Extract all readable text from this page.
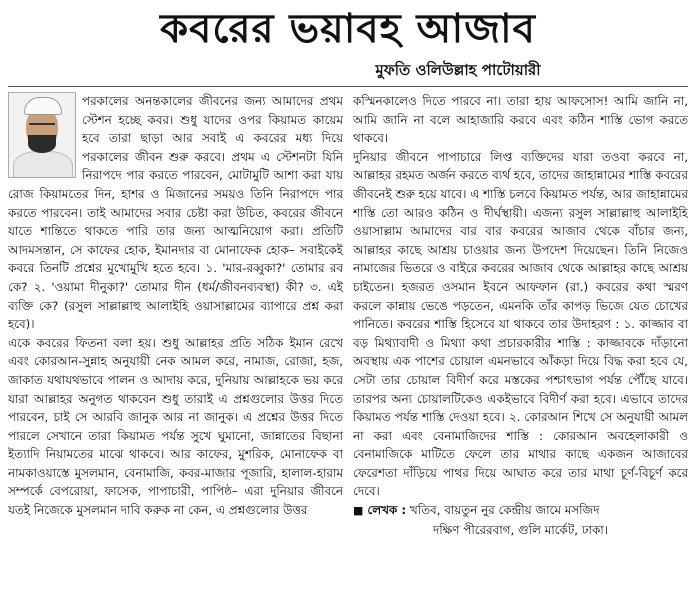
কবরের ভয়াবহ আজাব
মুফতি ওলিউল্লাহ পাটোয়ারী

পরকালের অনন্তকালের জীবনের জন্য আমাদের প্রথম স্টেশন হচ্ছে কবর। শুধু যাদের ওপর কিয়ামত কায়েম হবে তারা ছাড়া আর সবাই এ কবরের মধ্য দিয়ে পরকালের জীবন শুরু করবে। প্রথম এ স্টেশনটা যিনি নিরাপদে পার করতে পারবেন, মোটামুটি আশা করা যায় রোজ কিয়ামতের দিন, হাশর ও মিজানের সময়ও তিনি নিরাপদে পার করতে পারবেন। তাই আমাদের সবার চেষ্টা করা উচিত, কবরের জীবনে যাতে শান্তিতে থাকতে পারি তার জন্য আত্মনিয়োগ করা। প্রতিটি আদমসন্তান, সে কাফের হোক, ইমানদার বা মোনাফেক হোক– সবাইকেই কবরে তিনটি প্রশ্নের মুখোমুখি হতে হবে। ১. 'মার-রব্বুকা?' তোমার রব কে? ২. 'ওয়ামা দীনুকা?' তোমার দীন (ধর্ম/জীবনব্যবস্থা) কী? ৩. এই ব্যক্তি কে? (রসুল সাল্লাল্লাহু আলাইহি ওয়াসাল্লামের ব্যাপারে প্রশ্ন করা হবে)।

একে কবরের ফিতনা বলা হয়। শুধু আল্লাহর প্রতি সঠিক ইমান রেখে এবং কোরআন-সুন্নাহ অনুযায়ী নেক আমল করে, নামাজ, রোজা, হজ, জাকাত যথাযথভাবে পালন ও আদায় করে, দুনিয়ায় আল্লাহকে ভয় করে যারা আল্লাহর অনুগত থাকবেন শুধু তারাই এ প্রশ্নগুলোর উত্তর দিতে পারবেন, চাই সে আরবি জানুক আর না জানুক। এ প্রশ্নের উত্তর দিতে পারলে সেখানে তারা কিয়ামত পর্যন্ত সুখে ঘুমানো, জান্নাতের বিছানা ইত্যাদি নিয়ামতের মাঝে থাকবে। আর কাফের, মুশরিক, মোনাফেক বা নামকাওয়াস্তে মুসলমান, বেনামাজি, কবর-মাজার পূজারি, হালাল-হারাম সম্পর্কে বেপরোয়া, ফাসেক, পাপাচারী, পাপিষ্ঠ– এরা দুনিয়ার জীবনে যতই নিজেকে মুসলমান দাবি করুক না কেন, এ প্রশ্নগুলোর উত্তর

কস্মিনকালেও দিতে পারবে না। তারা হায় আফসোস! আমি জানি না, আমি জানি না বলে আহাজারি করবে এবং কঠিন শাস্তি ভোগ করতে থাকবে।

দুনিয়ার জীবনে পাপাচারে লিপ্ত ব্যক্তিদের যারা তওবা করবে না, আল্লাহর রহমত অর্জন করতে ব্যর্থ হবে, তাদের জাহান্নামের শাস্তি কবরের জীবনেই শুরু হয়ে যাবে। এ শাস্তি চলবে কিয়ামত পর্যন্ত, আর জাহান্নামের শাস্তি তো আরও কঠিন ও দীর্ঘস্থায়ী। এজন্য রসুল সাল্লাল্লাহু আলাইহি ওয়াসাল্লাম আমাদের বার বার কবরের আজাব থেকে বাঁচার জন্য, আল্লাহর কাছে আশ্রয় চাওয়ার জন্য উপদেশ দিয়েছেন। তিনি নিজেও নামাজের ভিতরে ও বাইরে কবরের আজাব থেকে আল্লাহর কাছে আশ্রয় চাইতেন। হজরত ওসমান ইবনে আফফান (রা.) কবরের কথা স্মরণ করলে কান্নায় ভেঙে পড়তেন, এমনকি তাঁর কাপড় ভিজে যেত চোখের পানিতে। কবরের শাস্তি হিসেবে যা থাকবে তার উদাহরণ : ১. কাজ্জাব বা বড় মিথ্যাবাদী ও মিথ্যা কথা প্রচারকারীর শাস্তি : কাজ্জাবকে দাঁড়ানো অবস্থায় এক পাশের চোয়াল এমনভাবে আঁকড়া দিয়ে বিদ্ধ করা হবে যে, সেটা তার চোয়াল বিদীর্ণ করে মস্তকের পশ্চাৎভাগ পর্যন্ত পৌঁছে যাবে। তারপর অন্য চোয়ালটিকেও একইভাবে বিদীর্ণ করা হবে। এভাবে তাদের কিয়ামত পর্যন্ত শাস্তি দেওয়া হবে। ২. কোরআন শিখে সে অনুযায়ী আমল না করা এবং বেনামাজিদের শাস্তি : কোরআন অবহেলাকারী ও বেনামাজিকে মাটিতে ফেলে তার মাথার কাছে একজন আজাবের ফেরেশতা দাঁড়িয়ে পাথর দিয়ে আঘাত করে তার মাথা চূর্ণ-বিচূর্ণ করে দেবে।

■ লেখক : খতিব, বায়তুন নুর কেন্দ্রীয় জামে মসজিদ

দক্ষিণ পীরেরবাগ, গুলি মার্কেট, ঢাকা।
